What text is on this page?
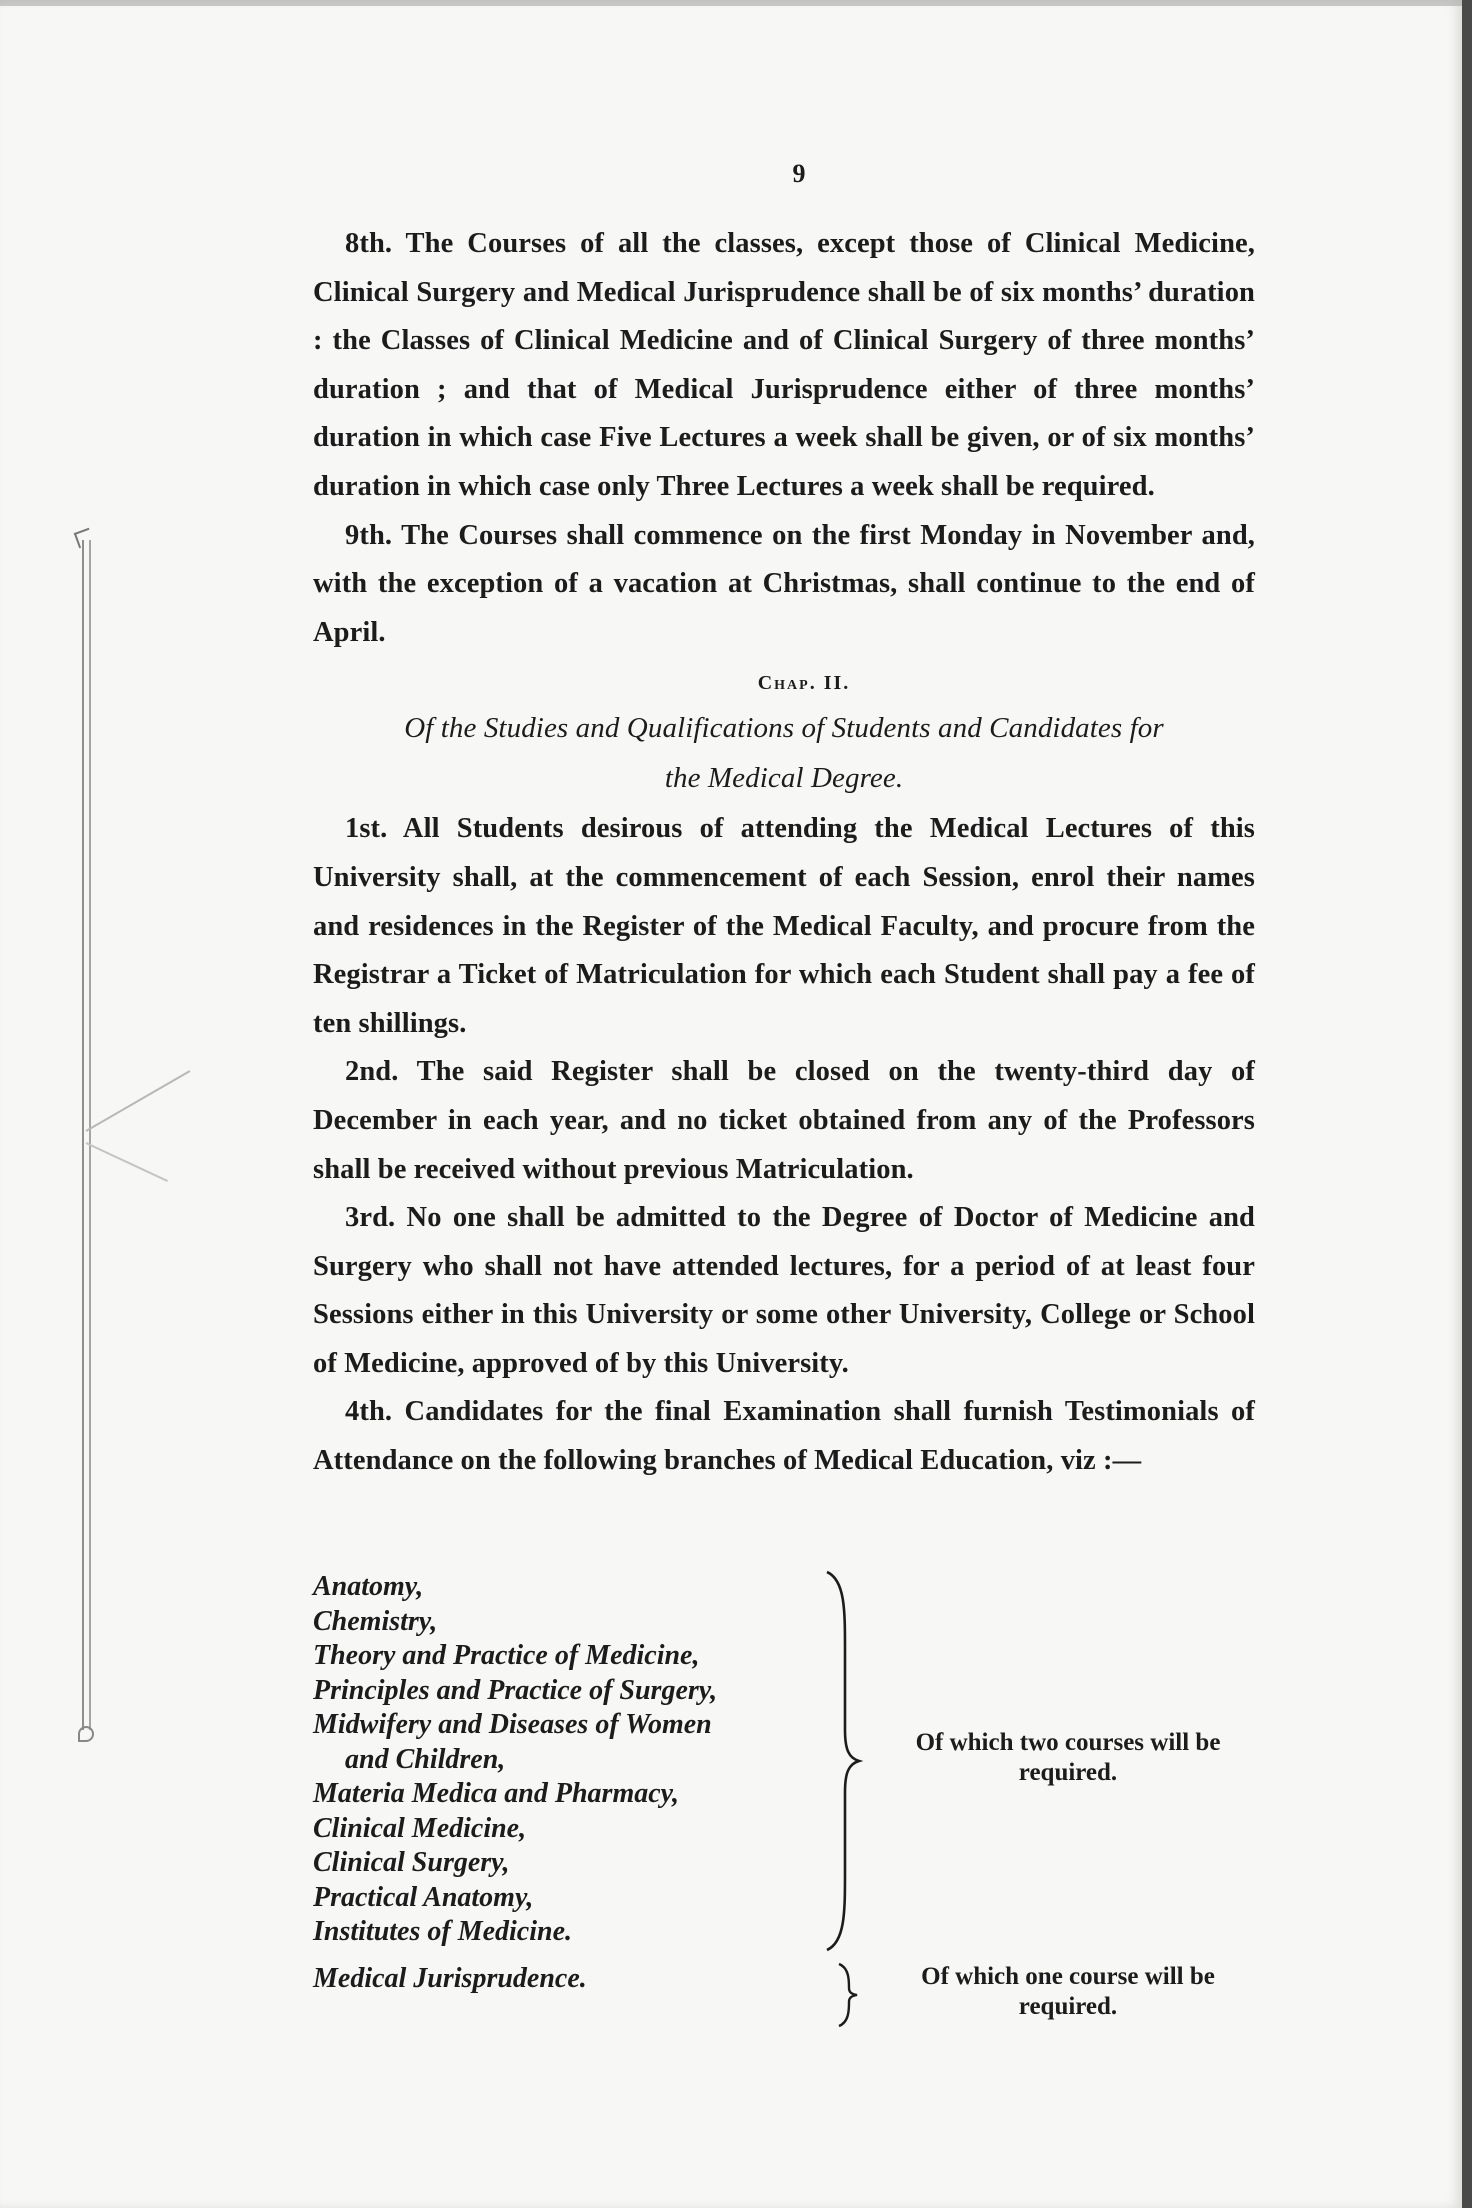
9

8th. The Courses of all the classes, except those of Clinical Medicine, Clinical Surgery and Medical Jurisprudence shall be of six months’ duration : the Classes of Clinical Medicine and of Clinical Surgery of three months’ duration ; and that of Medical Jurisprudence either of three months’ duration in which case Five Lectures a week shall be given, or of six months’ duration in which case only Three Lectures a week shall be required.

9th. The Courses shall commence on the first Monday in November and, with the exception of a vacation at Christmas, shall continue to the end of April.

Chap. II.
Of the Studies and Qualifications of Students and Candidates for
the Medical Degree.

1st. All Students desirous of attending the Medical Lectures of this University shall, at the commencement of each Session, enrol their names and residences in the Register of the Medical Faculty, and procure from the Registrar a Ticket of Matriculation for which each Student shall pay a fee of ten shillings.

2nd. The said Register shall be closed on the twenty-third day of December in each year, and no ticket obtained from any of the Professors shall be received without previous Matriculation.

3rd. No one shall be admitted to the Degree of Doctor of Medicine and Surgery who shall not have attended lectures, for a period of at least four Sessions either in this University or some other University, College or School of Medicine, approved of by this University.

4th. Candidates for the final Examination shall furnish Testimonials of Attendance on the following branches of Medical Education, viz :—

Anatomy,
Chemistry,
Theory and Practice of Medicine,
Principles and Practice of Surgery,
Midwifery and Diseases of Women
and Children,
Materia Medica and Pharmacy,
Clinical Medicine,
Clinical Surgery,
Practical Anatomy,
Institutes of Medicine.
Medical Jurisprudence.
Of which two courses will be required.
Of which one course will be required.
